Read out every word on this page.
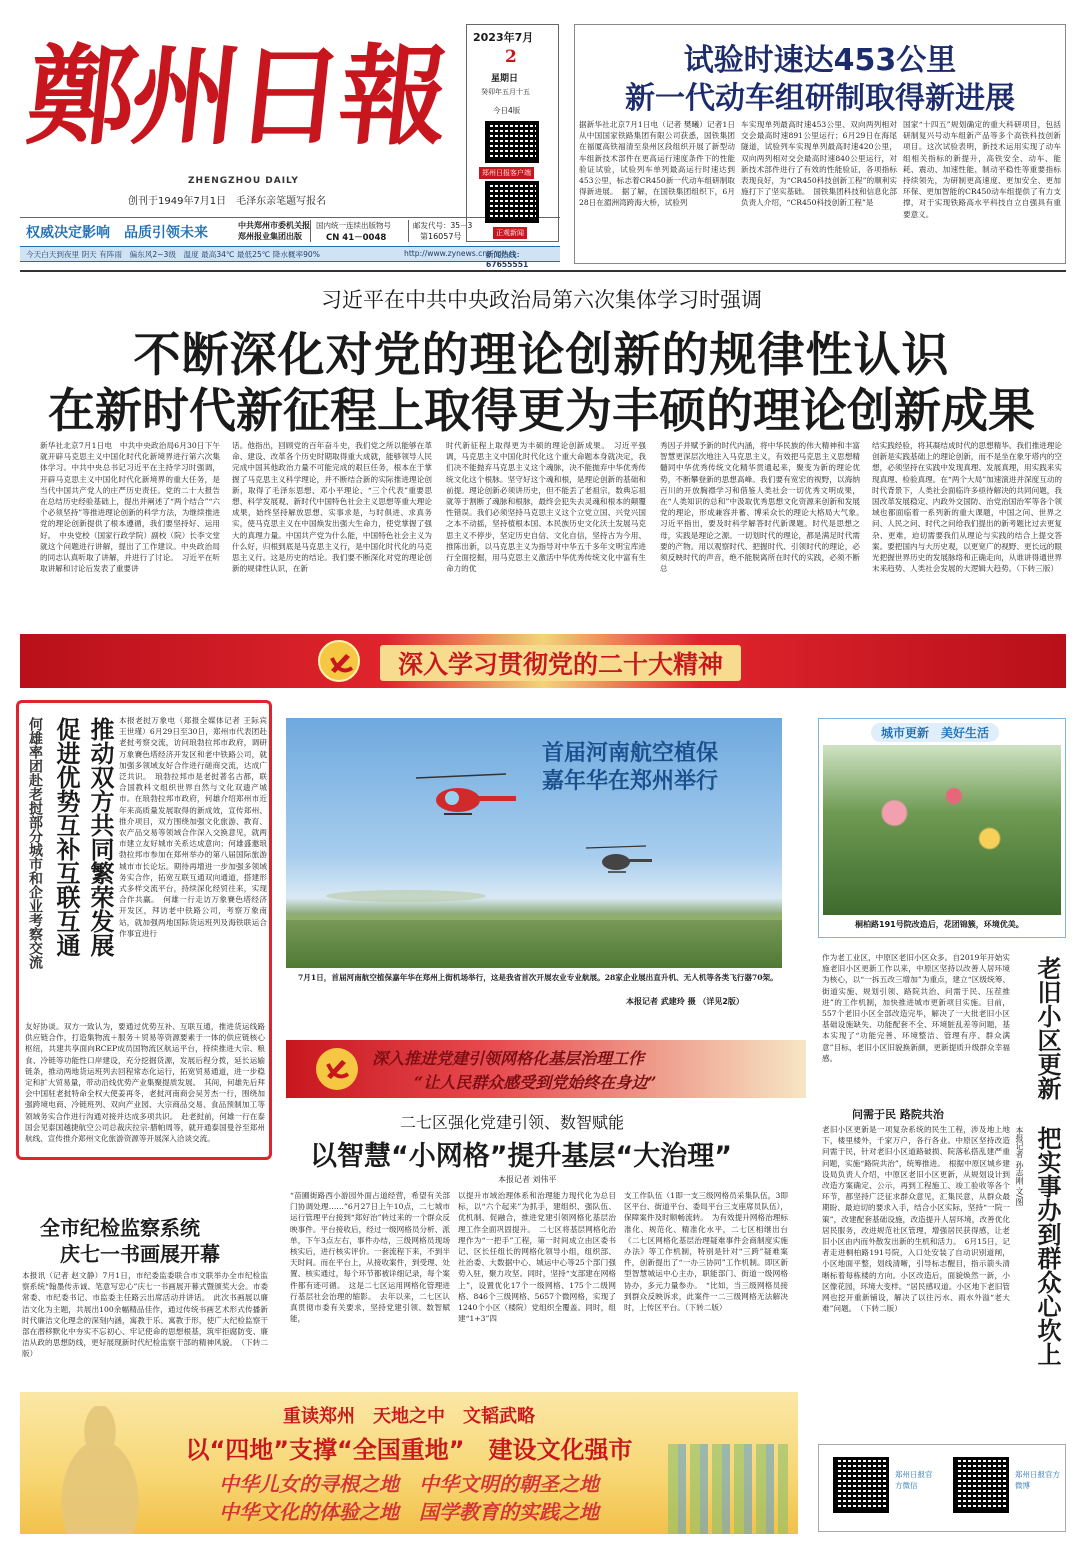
鄭州日報
ZHENGZHOU DAILY
创刊于1949年7月1日　毛泽东亲笔题写报名
权威决定影响　品质引领未来	中共郑州市委机关报
郑州报业集团出版
国内统一连续出版物号
CN 41－0048
邮发代号：35－3
第16057号
今天白天到夜里 阴天 有阵雨　偏东风2~3级　温度 最高34℃ 最低25℃ 降水概率90%	http://www.zynews.cn
新闻热线：67655551
2023年7月
2
星期日
癸卯年五月十五
今日4版
郑州日报客户端
正观新闻
试验时速达453公里
新一代动车组研制取得新进展
据新华社北京7月1日电（记者 樊曦）记者1日从中国国家铁路集团有限公司获悉，国铁集团在福厦高铁福清至泉州区段组织开展了新型动车组新技术部件在更高运行速度条件下的性能验证试验，试验列车单列最高运行时速达到453公里，标志着CR450新一代动车组研制取得新进展。　据了解，在国铁集团组织下，6月28日在湄洲湾跨海大桥，试验列
车实现单列最高时速453公里、双向两列相对交会最高时速891公里运行；6月29日在海尾隧道，试验列车实现单列最高时速420公里，双向两列相对交会最高时速840公里运行，对新技术部件进行了有效的性能验证，各项指标表现良好，为“CR450科技创新工程”的顺利实施打下了坚实基础。　国铁集团科技和信息化部负责人介绍，“CR450科技创新工程”是
国家“十四五”规划确定的重大科研项目，包括研制复兴号动车组新产品等多个高铁科技创新项目。这次试验表明，新技术运用实现了动车组相关指标的新提升，高铁安全、动车、能耗、震动、加速性能、制动平稳性等重要指标持续领先，为研制更高速度、更加安全、更加环保、更加智能的CR450动车组提供了有力支撑，对于实现铁路高水平科技自立自强具有重要意义。
习近平在中共中央政治局第六次集体学习时强调
不断深化对党的理论创新的规律性认识
在新时代新征程上取得更为丰硕的理论创新成果
新华社北京7月1日电　中共中央政治局6月30日下午就开辟马克思主义中国化时代化新境界进行第六次集体学习。中共中央总书记习近平在主持学习时强调，开辟马克思主义中国化时代化新境界的重大任务，是当代中国共产党人的庄严历史责任。党的二十大报告在总结历史经验基础上，提出并阐述了“两个结合”“六个必须坚持”等推进理论创新的科学方法，为继续推进党的理论创新提供了根本遵循，我们要坚持好、运用好。　中央党校（国家行政学院）副校（院）长李文堂就这个问题进行讲解，提出了工作建议。中央政治局的同志认真听取了讲解，并进行了讨论。　习近平在听取讲解和讨论后发表了重要讲
话。他指出，回顾党的百年奋斗史，我们党之所以能够在革命、建设、改革各个历史时期取得重大成就，能够领导人民完成中国其他政治力量不可能完成的艰巨任务，根本在于掌握了马克思主义科学理论，并不断结合新的实际推进理论创新，取得了毛泽东思想、邓小平理论、“三个代表”重要思想、科学发展观、新时代中国特色社会主义思想等重大理论成果，始终坚持解放思想、实事求是，与时俱进、求真务实，使马克思主义在中国焕发出强大生命力，使党掌握了强大的真理力量。中国共产党为什么能，中国特色社会主义为什么好，归根到底是马克思主义行，是中国化时代化的马克思主义行。这是历史的结论。我们要不断深化对党的理论创新的规律性认识，在新
时代新征程上取得更为丰硕的理论创新成果。　习近平强调，马克思主义中国化时代化这个重大命题本身就决定，我们决不能抛弃马克思主义这个魂脉，决不能抛弃中华优秀传统文化这个根脉。坚守好这个魂和根，是理论创新的基础和前提。理论创新必须讲历史，但不能丢了老祖宗，数典忘祖就等于割断了魂脉和根脉，最终会犯失去灵魂和根本的颠覆性错误。我们必须坚持马克思主义这个立党立国、兴党兴国之本不动摇，坚持植根本国、本民族历史文化沃土发展马克思主义不停步，坚定历史自信、文化自信，坚持古为今用、推陈出新，以马克思主义为指导对中华五千多年文明宝库进行全面挖掘，用马克思主义激活中华优秀传统文化中富有生命力的优
秀因子并赋予新的时代内涵，将中华民族的伟大精神和丰富智慧更深层次地注入马克思主义，有效把马克思主义思想精髓同中华优秀传统文化精华贯通起来，聚变为新的理论优势，不断攀登新的思想高峰。我们要有宽宏的视野，以海纳百川的开放胸襟学习和借鉴人类社会一切优秀文明成果，在“人类知识的总和”中汲取优秀思想文化资源来创新和发展党的理论，形成兼容并蓄、博采众长的理论大格局大气象。　习近平指出，要及时科学解答时代新课题。时代是思想之母，实践是理论之源。一切划时代的理论，都是满足时代需要的产物。用以观察时代、把握时代、引领时代的理论，必须反映时代的声音，绝不能脱离所在时代的实践，必须不断总
结实践经验，将其凝结成时代的思想精华。我们推进理论创新是实践基础上的理论创新，而不是坐在象牙塔内的空想，必须坚持在实践中发现真理、发展真理，用实践来实现真理、检验真理。在“两个大局”加速演进并深度互动的时代背景下，人类社会面临许多亟待解决的共同问题，我国改革发展稳定、内政外交国防、治党治国治军等各个领域也都面临着一系列新的重大课题，中国之问、世界之问、人民之问、时代之问给我们提出的新考题比过去更复杂、更难，迫切需要我们从理论与实践的结合上提交答案。要把国内与大历史观，以更宽广的视野、更长远的眼光把握世界历史的发展脉络和正确走向，从谁讲得通世界未来趋势、人类社会发展的大逻辑大趋势。（下转三版）
深入学习贯彻党的二十大精神
何雄率团赴老挝部分城市和企业考察交流 促进优势互补互联互通 推动双方共同繁荣发展 本报老挝万象电（郑报全媒体记者 王际宾 王世瑾）6月29日至30日，郑州市代表团赴老挝考察交流，访问琅勃拉邦市政府，调研万象賽色塔经济开发区和老中铁路公司，就加强多领域友好合作进行磋商交流，达成广泛共识。　琅勃拉邦市是老挝著名古都，联合国教科文组织世界自然与文化双遗产城市。在琅勃拉邦市政府，何雄介绍郑州市近年来高质量发展取得的新成效，宣传郑州、推介项目，双方围绕加强文化旅游、教育、农产品交易等领域合作深入交换意见，就两市建立友好城市关系达成意向；何雄盛邀琅勃拉邦市参加在郑州举办的第八届国际旅游城市市长论坛。期待再增进一步加强多领域务实合作，拓宽互联互通双向通道，搭建形式多样交流平台，持续深化经贸往来，实现合作共赢。　何雄一行走访万象賽色塔经济开发区，拜访老中铁路公司，考察万象南站，就加强两地国际货运班列及海铁联运合作事宜进行
友好协谈。双方一致认为，要通过优势互补、互联互通，推进货运线路供应链合作，打造集物流＋服务＋贸易等资源要素于一体的供应链核心枢纽，共建共享面向RCEP成员国物流区航运平台，持续推进大宗、粮食、冷链等功能性口岸建设，充分挖掘货源，发展后程分拨，延长运输链条，推动两地货运班列去回程常态化运行，拓宽贸易通道，进一步稳定和扩大贸易量，带动沿线优势产业集聚提质发展。　其间，何雄先后拜会中国驻老挝特命全权大使姜再冬，老挝河南商会吴芳杰一行，围绕加强跨境电商、冷链班列、双向产业园、大宗商品交易、食品预制加工等领域务实合作进行沟通对接并达成多项共识。　赴老挝前，何雄一行在泰国会见泰国越捷航空公司总裁庆拉宗·腊帕周等，就开通泰国曼谷至郑州航线、宣传推介郑州文化旅游资源等开展深入洽谈交流。
首届河南航空植保
嘉年华在郑州举行
7月1日，首届河南航空植保嘉年华在郑州上街机场举行，这是我省首次开展农业专业航展。28家企业展出直升机、无人机等各类飞行器70架。
本报记者 武建玲 摄 （详见2版）
城市更新　美好生活
桐柏路191号院改造后，花团锦簇，环境优美。
作为老工业区，中原区老旧小区众多。自2019年开始实施老旧小区更新工作以来，中原区坚持以改善人居环境为核心，以“一拆五改三增加”为重点，建立“区级统筹、街道实施、规划引领、路院共治、问需于民、压茬推进”的工作机制，加快推进城市更新项目实施。目前，557个老旧小区全部改造完毕，解决了一大批老旧小区基础设施缺失、功能配套不全、环境脏乱差等问题，基本实现了“功能完善、环境整洁、管理有序、群众满意”目标，老旧小区旧貌换新颜，更新提质升级群众幸福感。
问需于民 路院共治
老旧小区更新是一项复杂系统的民生工程，涉及地上地下，楼里楼外，千家万户，各行各业。中原区坚持改造问需于民，针对老旧小区道路破损、院落私搭乱建严重问题，实施“路院共治”，统筹推进。　根据中原区城乡建设局负责人介绍，中原区老旧小区更新，从规划设计到改造方案确定、公示，再到工程施工、竣工验收等各个环节，都坚持广泛征求群众意见，汇集民意，从群众最期盼、最迫切的要求入手，结合小区实际，坚持“一院一策”，改建配套基础设施，改造提升人居环境，改善优化居民服务，改进规范社区管理，增强居民获得感，让老旧小区由内而外散发出新的生机和活力。　6月15日，记者走进桐柏路191号院，入口处安装了自动识别道闸，小区地面平整，划线清晰，引导标志醒目，指示箭头清晰标着每栋楼的方向。小区改造后，面貌焕然一新，小区像花园，环境大变样。“居民感叹道。小区地下老旧管网也挖开重新铺设，解决了以往污水、雨水外溢“老大难”问题。　（下转二版）
老旧小区更新
本报记者 孙志刚 文/图 把实事办到群众心坎上
深入推进党建引领网格化基层治理工作
“让人民群众感受到党始终在身边”
二七区强化党建引领、数智赋能
以智慧“小网格”提升基层“大治理”
本报记者 刘伟平
“苗圃街路西小游园外面占道经营，希望有关部门协调处理……”6月27日上午10点，二七城市运行管理平台接到“郑好治”转过来的一个群众反映事件。平台接收后，经过一级网格员分析、派单，下午3点左右，事件办结，三级网格员现场核实后，进行核实评价。一套流程下来，不到半天时间。而在平台上，从接收案件，到受理、处置、核实通过，每个环节都被详细记录，每个案件都有迹可循。　这是二七区运用网格化管理进行基层社会治理的缩影。　去年以来，二七区认真贯彻市委有关要求，坚持党建引领、数智赋能，
以提升市域治理体系和治理能力现代化为总目标，以“六个起来”为抓手，建组织、强队伍、优机制、促融合，推进党建引领网格化基层治理工作全面巩固提升。　二七区将基层网格化治理作为“一把手”工程，第一时间成立由区委书记、区长任组长的网格化领导小组，组织部、社治委、大数据中心、城运中心等25个部门强势入驻，聚力攻坚。同时，坚持“支部建在网格上”，设置优化17个一级网格、175个二级网格、846个三级网格、5657个微网格，实现了1240个小区（楼院）党组织全覆盖。同时，组建“1+3”四
支工作队伍（1即一支三级网格员采集队伍，3即区平台、街道平台、委局平台三支座席员队伍），保障案件及时顺畅流转。　为有效提升网格治理标准化、规范化、精准化水平，二七区相继出台《二七区网格化基层治理疑难事件会商制度实施办法》等工作机制，特别是针对“三跨”疑难案件，创新提出了“一办三协同”工作机制。即区新型智慧城运中心主办，职能部门、街道一级网格协办，多元力量参办。　“比如，当三级网格员接到群众反映诉求，此案件一二三级网格无法解决时，上传区平台。（下转二版）
全市纪检监察系统
庆七一书画展开幕
本报讯（记者 赵文静）7月1日，市纪委监委联合市文联举办全市纪检监察系统“翰墨传赤诚、笔意写忠心”庆七一书画展开幕式暨颁奖大会。市委常委、市纪委书记、市监委主任路云出席活动并讲话。　此次书画展以廉洁文化为主题，共展出100余幅精品佳作，通过传统书画艺术形式传播新时代廉洁文化理念的深刻内涵，寓教于乐、寓教于形，使广大纪检监察干部在潜移默化中夯实不忘初心、牢记使命的思想根基，筑牢拒腐防变、廉洁从政的思想防线，更好展现新时代纪检监察干部的精神风貌。　（下转二版）
重读郑州　天地之中　文韬武略
以“四地”支撑“全国重地”　建设文化强市
中华儿女的寻根之地　中华文明的朝圣之地
中华文化的体验之地　国学教育的实践之地
郑州日报官方微信
郑州日报官方微博
